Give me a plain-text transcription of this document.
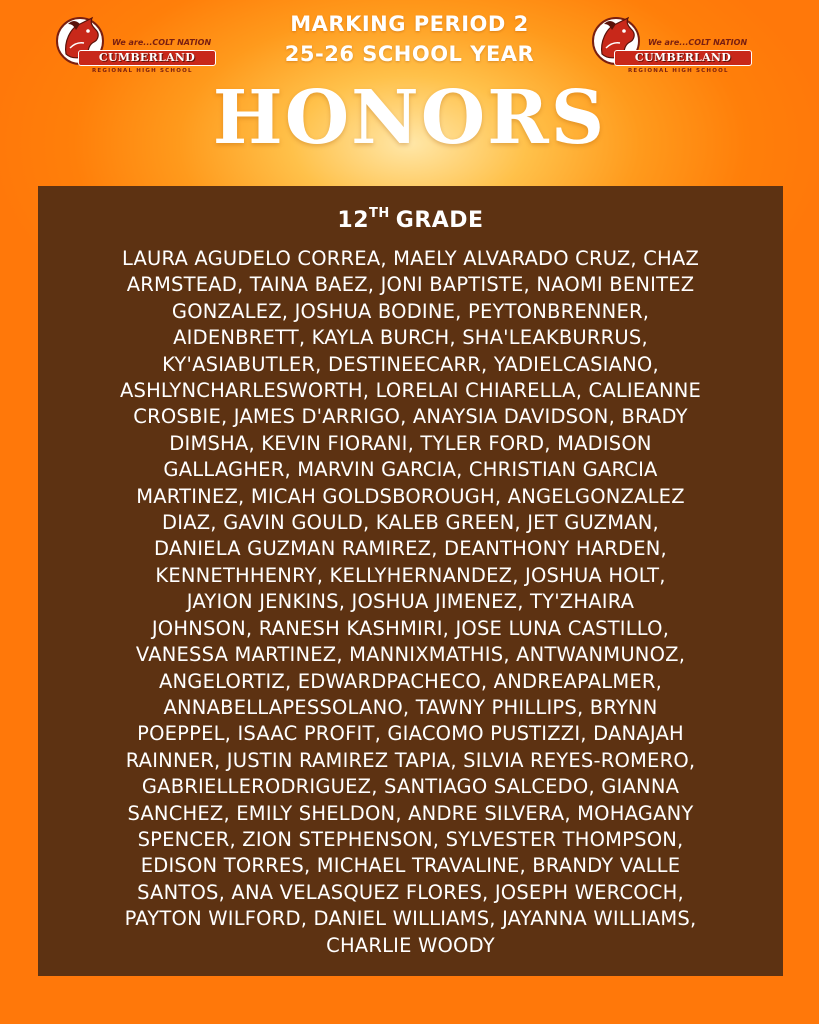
We are...COLT NATION
CUMBERLAND
REGIONAL HIGH SCHOOL
We are...COLT NATION
CUMBERLAND
REGIONAL HIGH SCHOOL
MARKING PERIOD 2
25-26 SCHOOL YEAR
HONORS
12TH GRADE

LAURA AGUDELO CORREA, MAELY ALVARADO CRUZ, CHAZ
ARMSTEAD, TAINA BAEZ, JONI BAPTISTE, NAOMI BENITEZ
GONZALEZ, JOSHUA BODINE, PEYTONBRENNER,
AIDENBRETT, KAYLA BURCH, SHA'LEAKBURRUS,
KY'ASIABUTLER, DESTINEECARR, YADIELCASIANO,
ASHLYNCHARLESWORTH, LORELAI CHIARELLA, CALIEANNE
CROSBIE, JAMES D'ARRIGO, ANAYSIA DAVIDSON, BRADY
DIMSHA, KEVIN FIORANI, TYLER FORD, MADISON
GALLAGHER, MARVIN GARCIA, CHRISTIAN GARCIA
MARTINEZ, MICAH GOLDSBOROUGH, ANGELGONZALEZ
DIAZ, GAVIN GOULD, KALEB GREEN, JET GUZMAN,
DANIELA GUZMAN RAMIREZ, DEANTHONY HARDEN,
KENNETHHENRY, KELLYHERNANDEZ, JOSHUA HOLT,
JAYION JENKINS, JOSHUA JIMENEZ, TY'ZHAIRA
JOHNSON, RANESH KASHMIRI, JOSE LUNA CASTILLO,
VANESSA MARTINEZ, MANNIXMATHIS, ANTWANMUNOZ,
ANGELORTIZ, EDWARDPACHECO, ANDREAPALMER,
ANNABELLAPESSOLANO, TAWNY PHILLIPS, BRYNN
POEPPEL, ISAAC PROFIT, GIACOMO PUSTIZZI, DANAJAH
RAINNER, JUSTIN RAMIREZ TAPIA, SILVIA REYES-ROMERO,
GABRIELLERODRIGUEZ, SANTIAGO SALCEDO, GIANNA
SANCHEZ, EMILY SHELDON, ANDRE SILVERA, MOHAGANY
SPENCER, ZION STEPHENSON, SYLVESTER THOMPSON,
EDISON TORRES, MICHAEL TRAVALINE, BRANDY VALLE
SANTOS, ANA VELASQUEZ FLORES, JOSEPH WERCOCH,
PAYTON WILFORD, DANIEL WILLIAMS, JAYANNA WILLIAMS,
CHARLIE WOODY
